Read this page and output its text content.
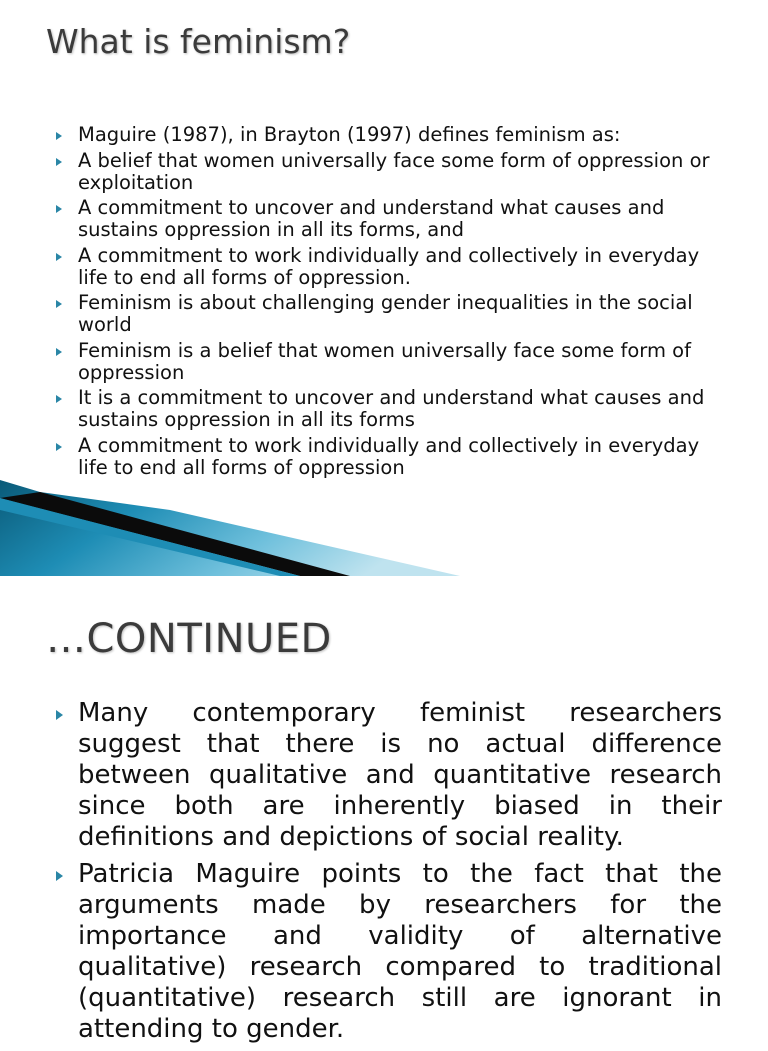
What is feminism?
Maguire (1987), in Brayton (1997) defines feminism as:
A belief that women universally face some form of oppression or exploitation
A commitment to uncover and understand what causes and sustains oppression in all its forms, and
A commitment to work individually and collectively in everyday life to end all forms of oppression.
Feminism is about challenging gender inequalities in the social world
Feminism is a belief that women universally face some form of oppression
It is a commitment to uncover and understand what causes and sustains oppression in all its forms
A commitment to work individually and collectively in everyday life to end all forms of oppression
…CONTINUED
Many contemporary feminist researchers suggest that there is no actual difference between qualitative and quantitative research since both are inherently biased in their definitions and depictions of social reality.
Patricia Maguire points to the fact that the arguments made by researchers for the importance and validity of alternative qualitative) research compared to traditional (quantitative) research still are ignorant in attending to gender.
